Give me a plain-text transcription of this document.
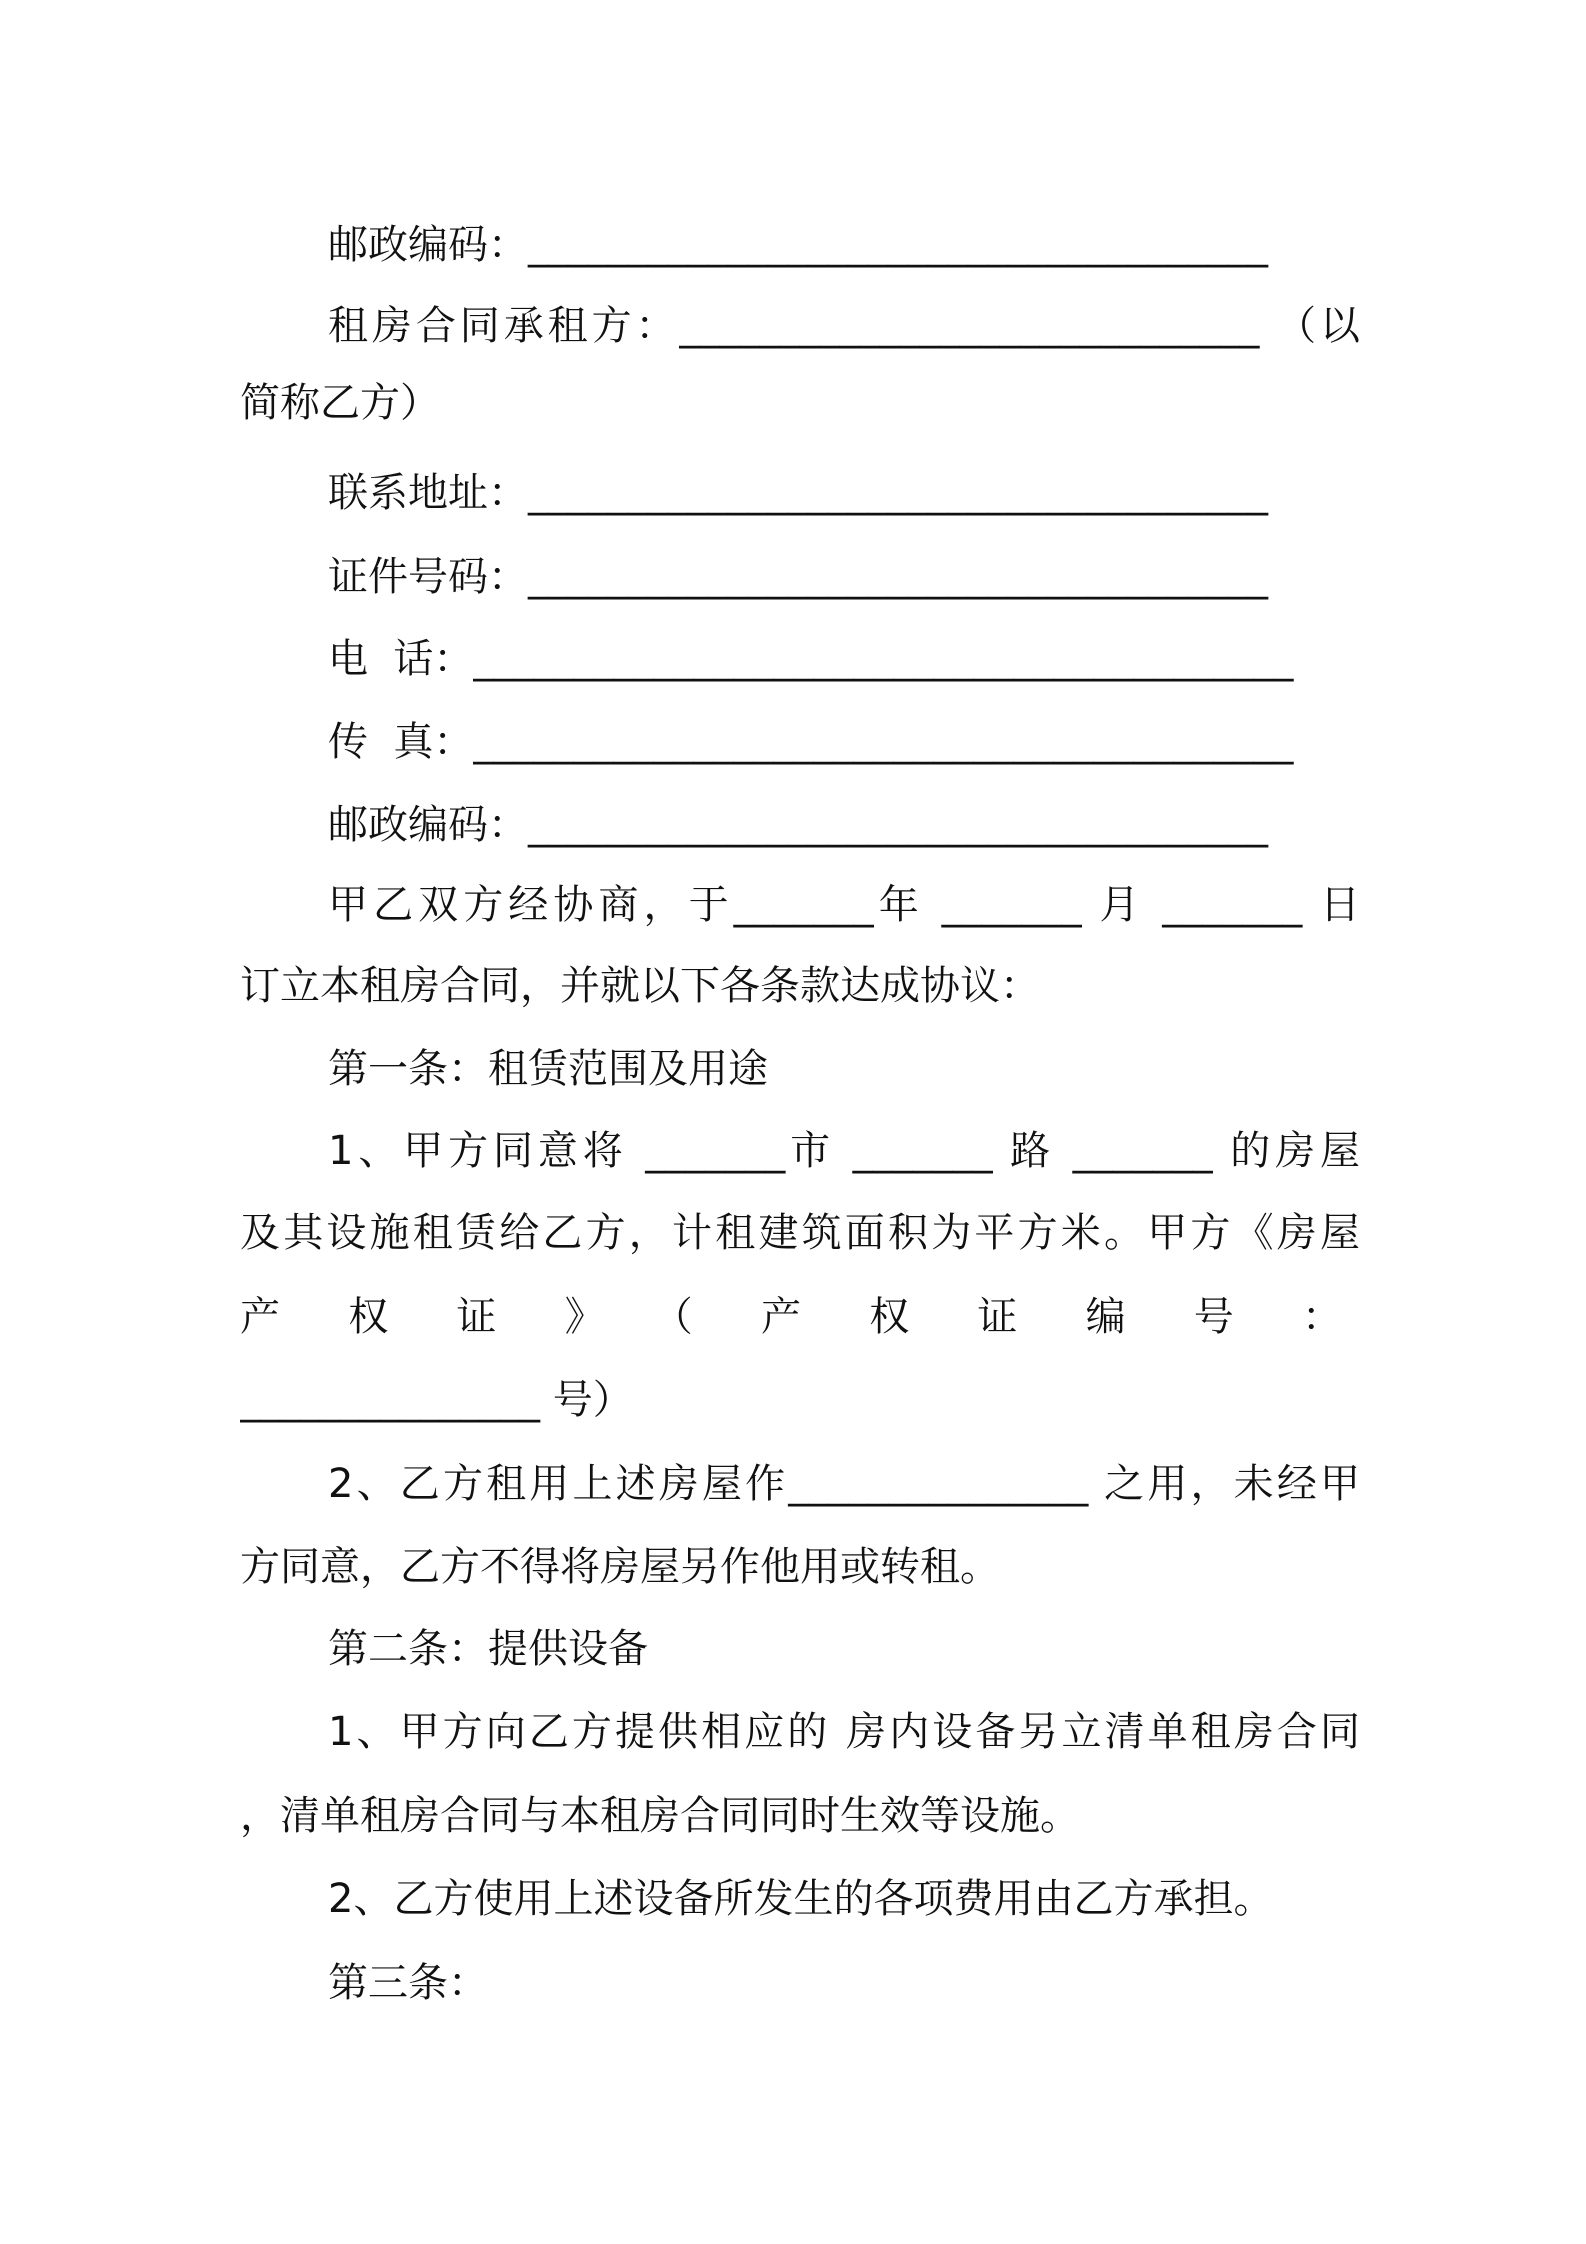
邮政编码：_____________________________________
租房合同承租方：_____________________________ （以
简称乙方）
联系地址：_____________________________________
证件号码：_____________________________________
电  话：_________________________________________
传  真：_________________________________________
邮政编码：_____________________________________
甲乙双方经协商，于_______年 _______ 月 _______ 日
订立本租房合同，并就以下各条款达成协议：
第一条：租赁范围及用途
1、甲方同意将 _______市 _______ 路 _______ 的房屋
及其设施租赁给乙方，计租建筑面积为平方米。甲方《房屋
产权证》（产权证编号：
_______________ 号）
2、乙方租用上述房屋作_______________ 之用，未经甲
方同意，乙方不得将房屋另作他用或转租。
第二条：提供设备
1、甲方向乙方提供相应的 房内设备另立清单租房合同
，清单租房合同与本租房合同同时生效等设施。
2、乙方使用上述设备所发生的各项费用由乙方承担。
第三条：
